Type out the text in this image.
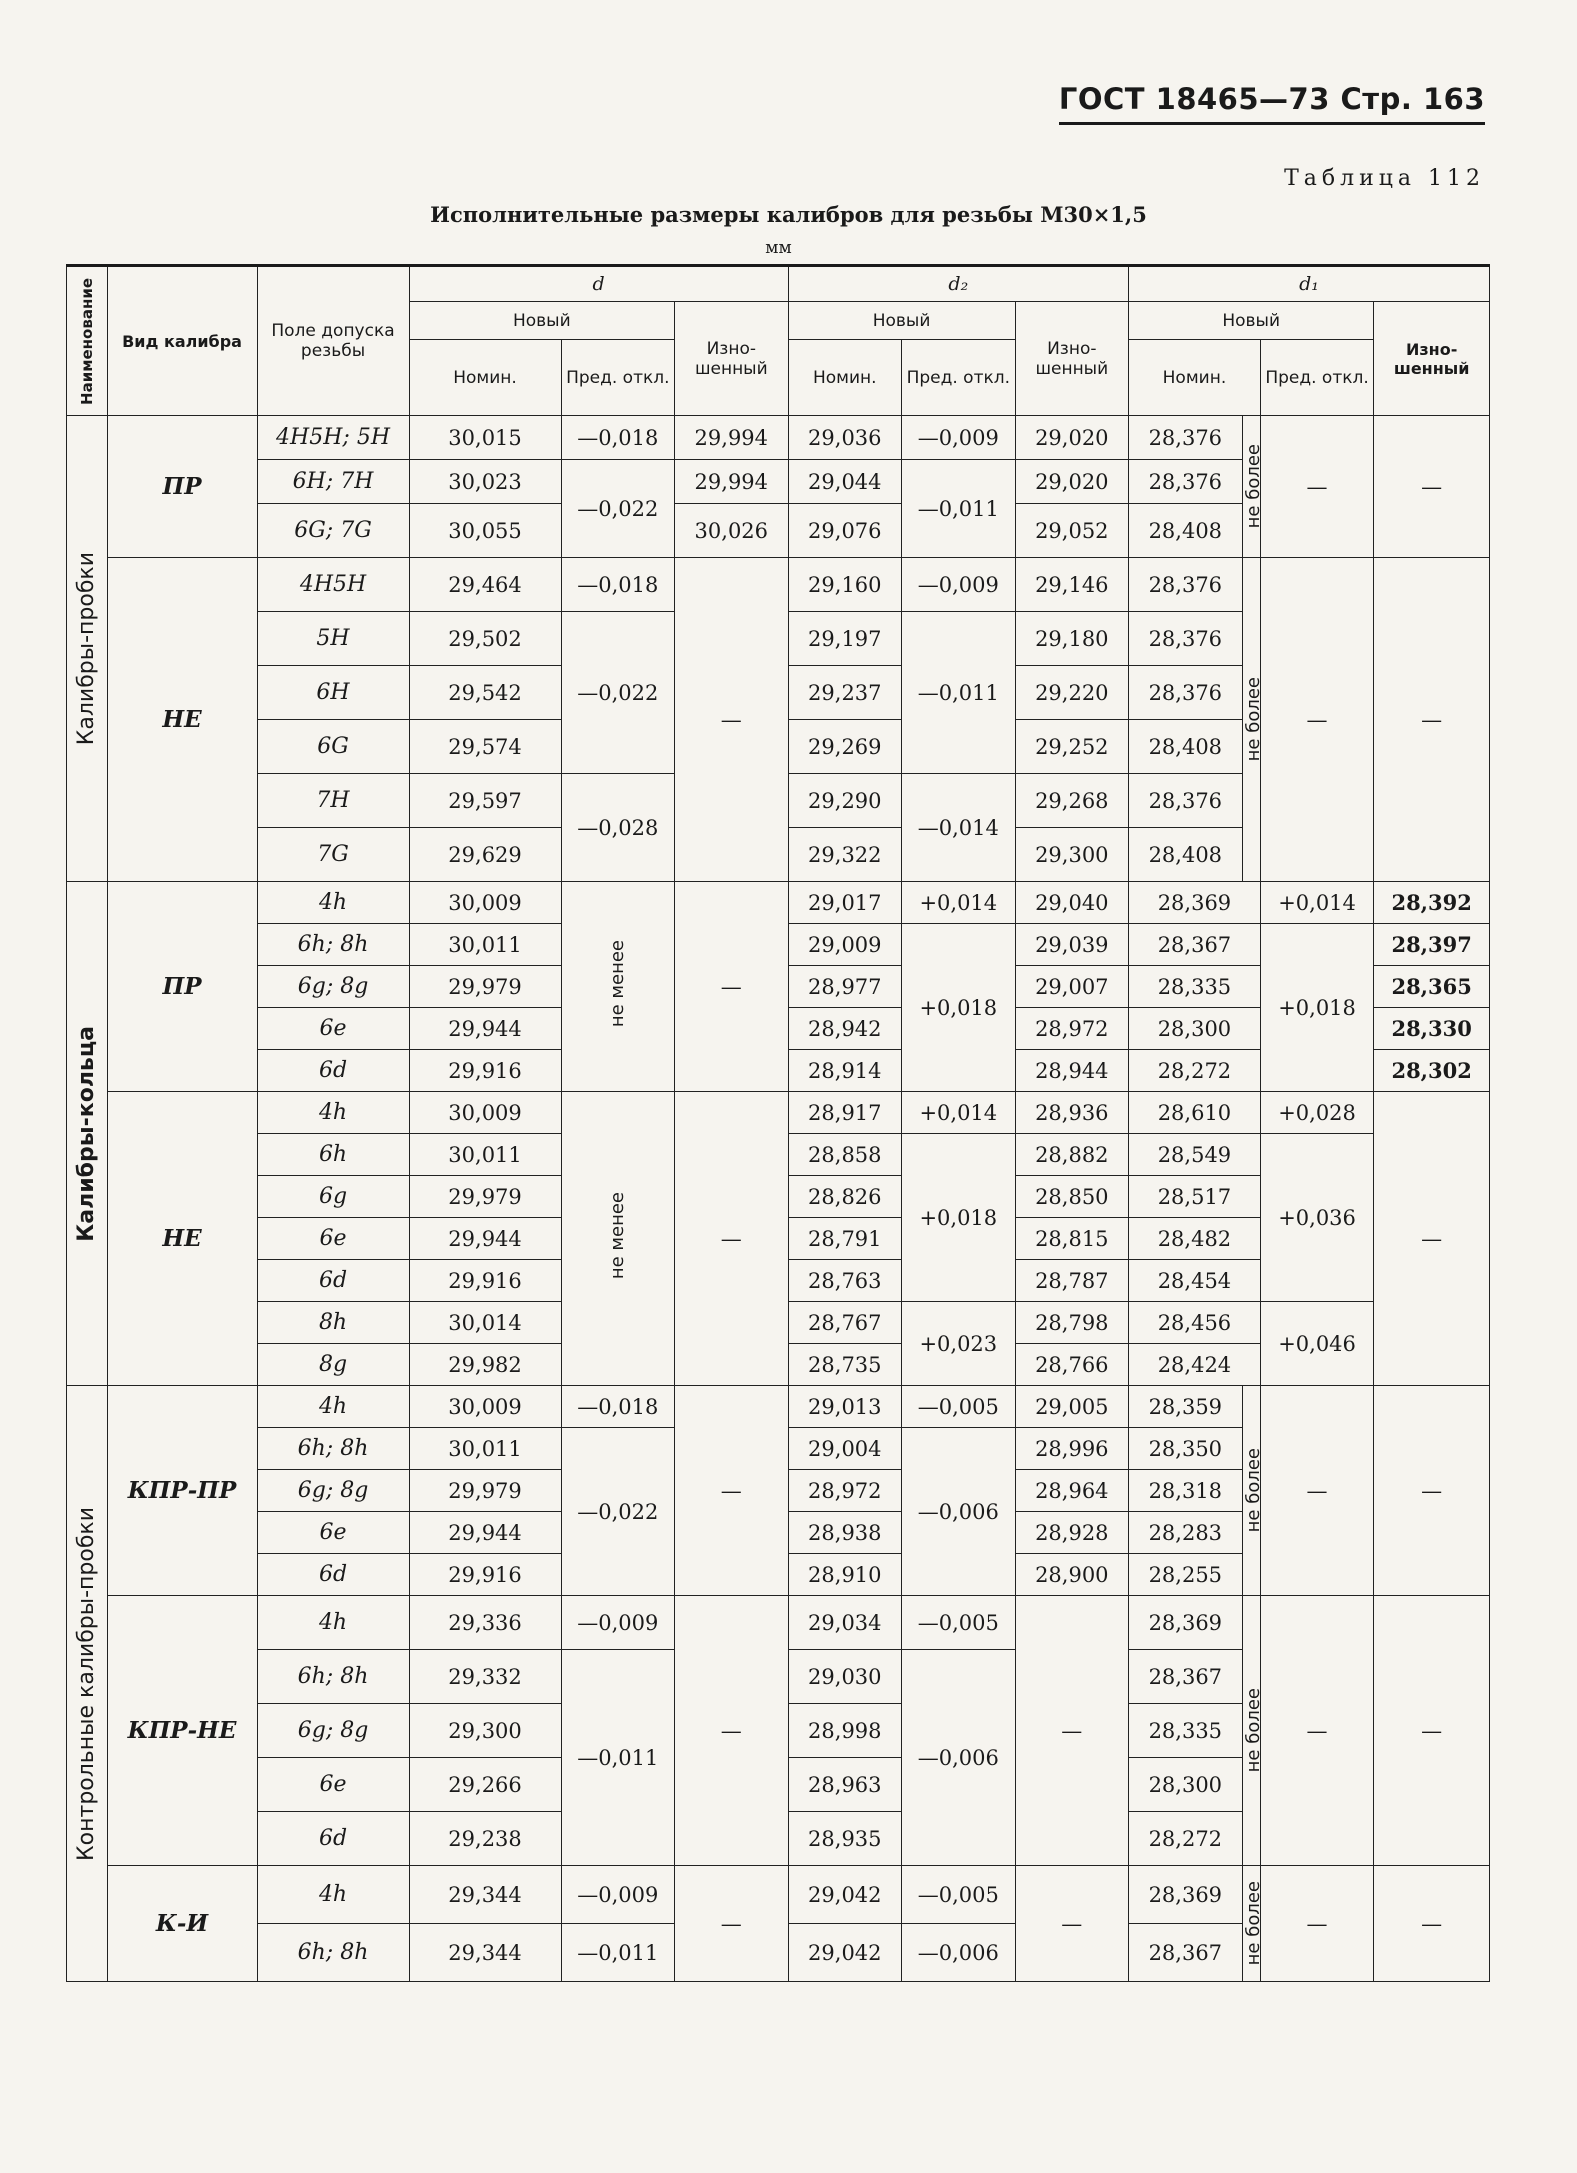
ГОСТ 18465—73 Стр. 163
Таблица 112
Исполнительные размеры калибров для резьбы М30×1,5
мм
Наименование	Вид калибра	Поле допуска резьбы	d			d₂			d₁			
			Новый		Изно- шенный	Новый		Изно- шенный	Новый			Изно- шенный
			Номин.	Пред. откл.		Номин.	Пред. откл.		Номин.		Пред. откл.	

Калибры-пробки	ПР	4H5H; 5H	30,015	—0,018	29,994	29,036	—0,009	29,020	28,376	не более	—	—
		6H; 7H	30,023	—0,022	29,994	29,044	—0,011	29,020	28,376			
		6G; 7G	30,055		30,026	29,076		29,052	28,408			
	НЕ	4H5H	29,464	—0,018	—	29,160	—0,009	29,146	28,376	не более	—	—
		5H	29,502	—0,022		29,197	—0,011	29,180	28,376			
		6H	29,542			29,237		29,220	28,376			
		6G	29,574			29,269		29,252	28,408			
		7H	29,597	—0,028		29,290	—0,014	29,268	28,376			
		7G	29,629			29,322		29,300	28,408			

Калибры-кольца	ПР	4h	30,009	не менее	—	29,017	+0,014	29,040	28,369		+0,014	28,392
		6h; 8h	30,011			29,009	+0,018	29,039	28,367		+0,018	28,397
		6g; 8g	29,979			28,977		29,007	28,335			28,365
		6e	29,944			28,942		28,972	28,300			28,330
		6d	29,916			28,914		28,944	28,272			28,302
	НЕ	4h	30,009	не менее	—	28,917	+0,014	28,936	28,610		+0,028	—
		6h	30,011			28,858	+0,018	28,882	28,549		+0,036	
		6g	29,979			28,826		28,850	28,517			
		6e	29,944			28,791		28,815	28,482			
		6d	29,916			28,763		28,787	28,454			
		8h	30,014			28,767	+0,023	28,798	28,456		+0,046	
		8g	29,982			28,735		28,766	28,424			

Контрольные калибры-пробки	КПР-ПР	4h	30,009	—0,018	—	29,013	—0,005	29,005	28,359	не более	—	—
		6h; 8h	30,011	—0,022		29,004	—0,006	28,996	28,350			
		6g; 8g	29,979			28,972		28,964	28,318			
		6e	29,944			28,938		28,928	28,283			
		6d	29,916			28,910		28,900	28,255			
	КПР-НЕ	4h	29,336	—0,009	—	29,034	—0,005	—	28,369	не более	—	—
		6h; 8h	29,332	—0,011		29,030	—0,006		28,367			
		6g; 8g	29,300			28,998			28,335			
		6e	29,266			28,963			28,300			
		6d	29,238			28,935			28,272			
	К-И	4h	29,344	—0,009	—	29,042	—0,005	—	28,369	не более	—	—
		6h; 8h	29,344	—0,011		29,042	—0,006		28,367			
